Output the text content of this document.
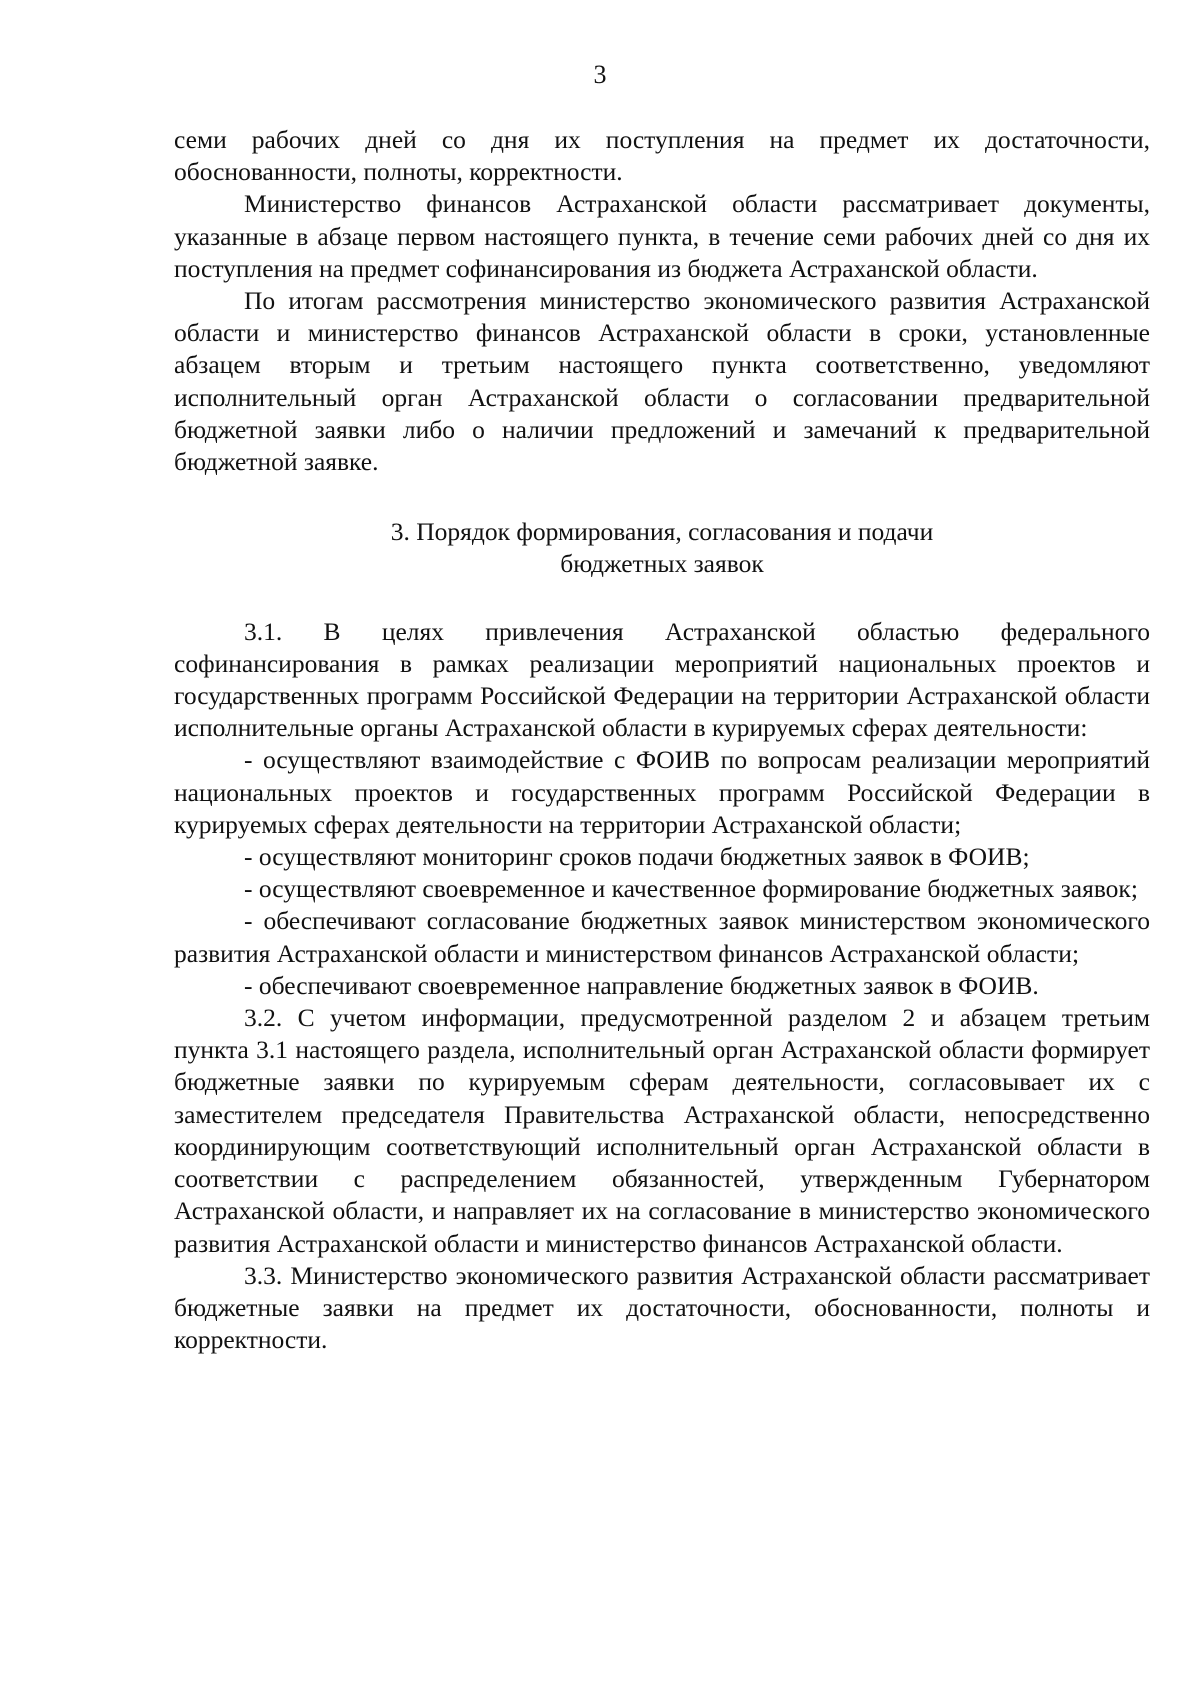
3

семи рабочих дней со дня их поступления на предмет их достаточности, обоснованности, полноты, корректности.

Министерство финансов Астраханской области рассматривает документы, указанные в абзаце первом настоящего пункта, в течение семи рабочих дней со дня их поступления на предмет софинансирования из бюджета Астраханской области.

По итогам рассмотрения министерство экономического развития Астраханской области и министерство финансов Астраханской области в сроки, установленные абзацем вторым и третьим настоящего пункта соответственно, уведомляют исполнительный орган Астраханской области о согласовании предварительной бюджетной заявки либо о наличии предложений и замечаний к предварительной бюджетной заявке.

3. Порядок формирования, согласования и подачи
бюджетных заявок

3.1. В целях привлечения Астраханской областью федерального софинансирования в рамках реализации мероприятий национальных проектов и государственных программ Российской Федерации на территории Астраханской области исполнительные органы Астраханской области в курируемых сферах деятельности:

- осуществляют взаимодействие с ФОИВ по вопросам реализации мероприятий национальных проектов и государственных программ Российской Федерации в курируемых сферах деятельности на территории Астраханской области;

- осуществляют мониторинг сроков подачи бюджетных заявок в ФОИВ;

- осуществляют своевременное и качественное формирование бюджетных заявок;

- обеспечивают согласование бюджетных заявок министерством экономического развития Астраханской области и министерством финансов Астраханской области;

- обеспечивают своевременное направление бюджетных заявок в ФОИВ.

3.2. С учетом информации, предусмотренной разделом 2 и абзацем третьим пункта 3.1 настоящего раздела, исполнительный орган Астраханской области формирует бюджетные заявки по курируемым сферам деятельности, согласовывает их с заместителем председателя Правительства Астраханской области, непосредственно координирующим соответствующий исполнительный орган Астраханской области в соответствии с распределением обязанностей, утвержденным Губернатором Астраханской области, и направляет их на согласование в министерство экономического развития Астраханской области и министерство финансов Астраханской области.

3.3. Министерство экономического развития Астраханской области рассматривает бюджетные заявки на предмет их достаточности, обоснованности, полноты и корректности.
